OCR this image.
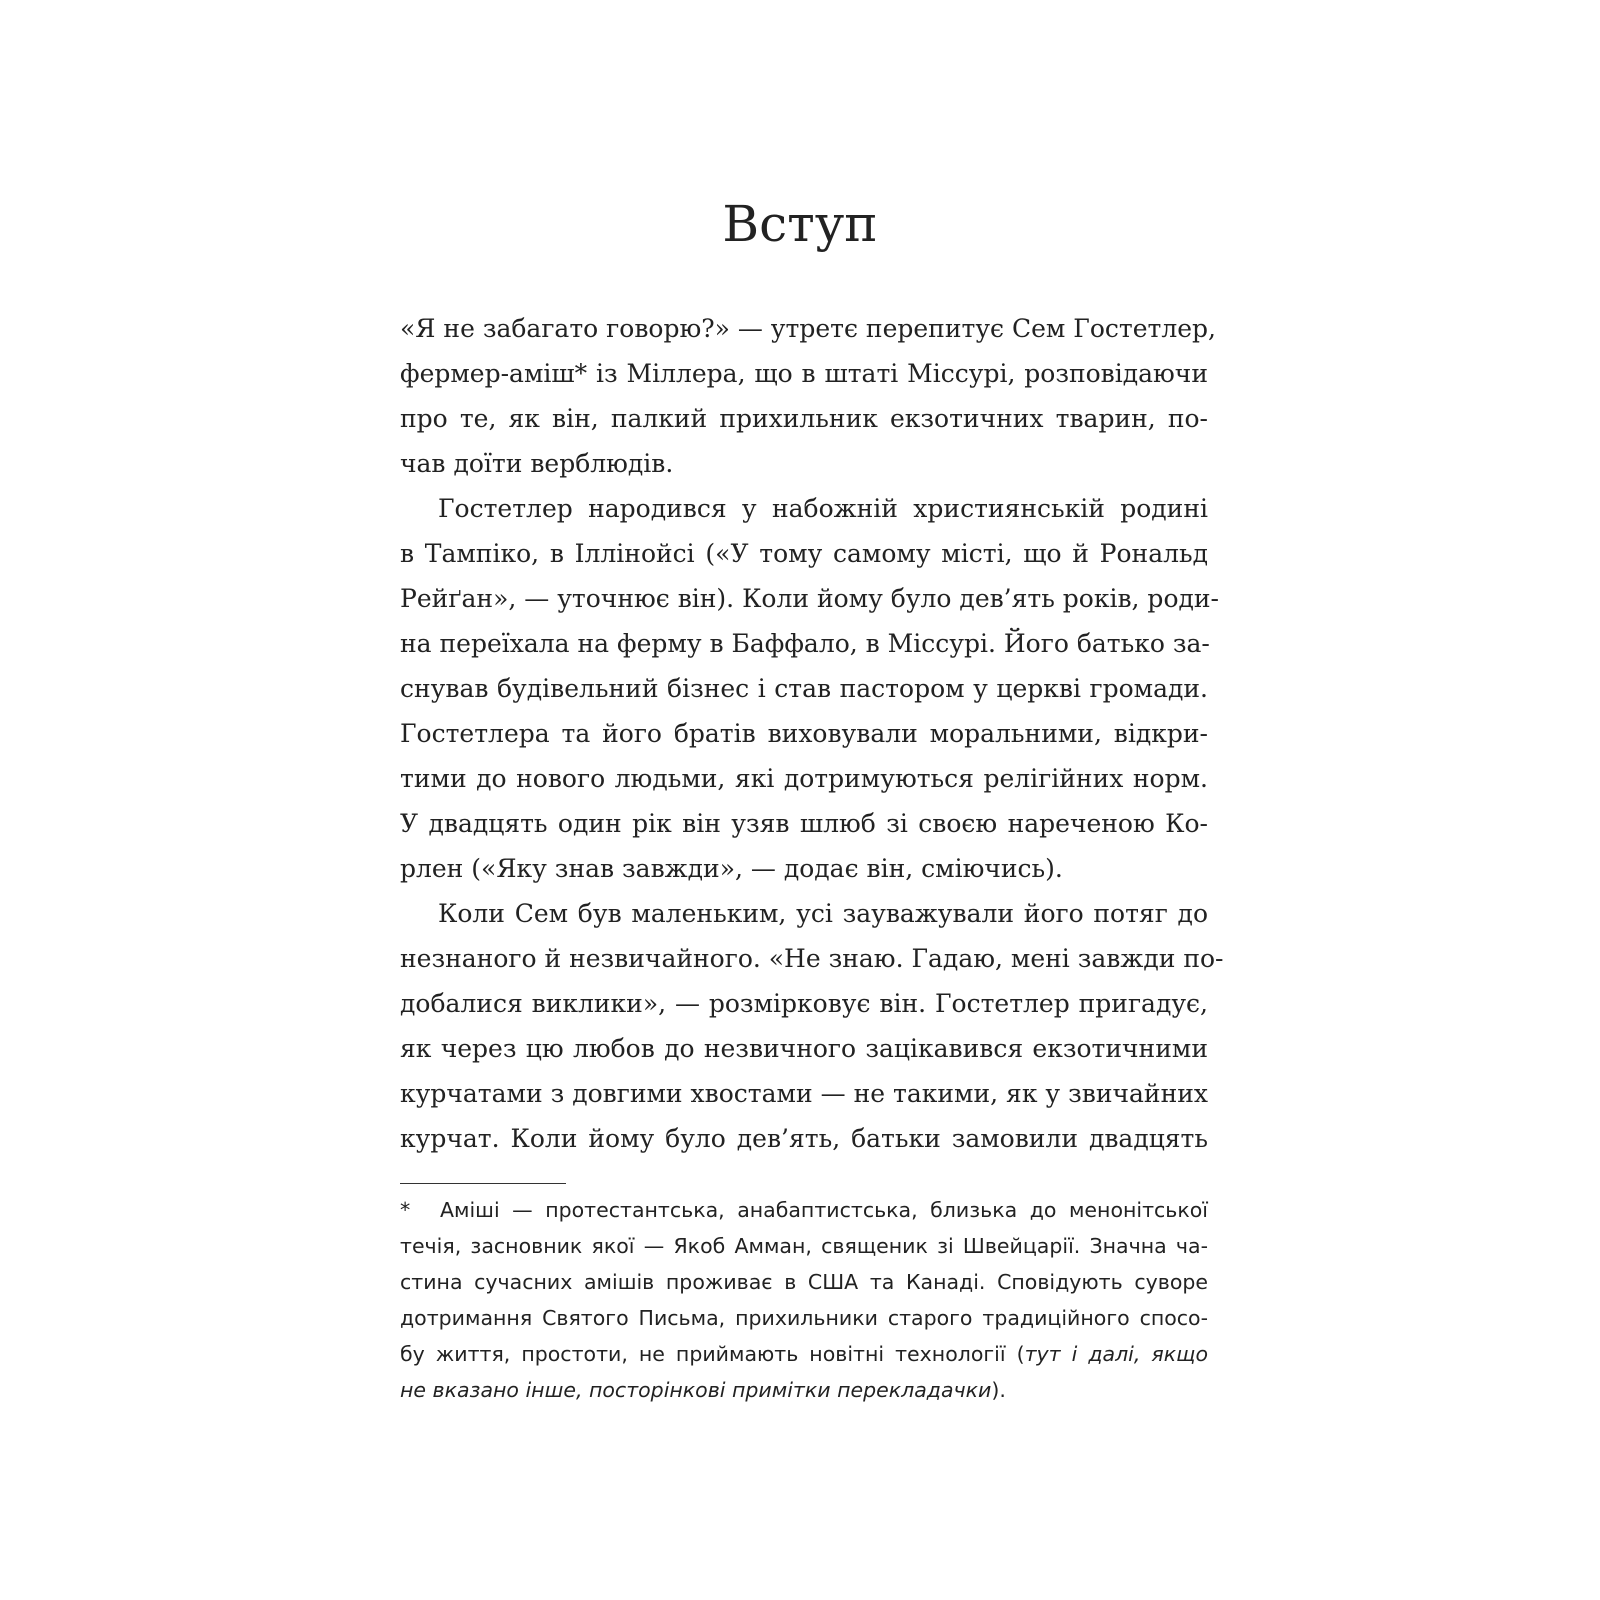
Вступ
«Я не забагато говорю?» — утретє перепитує Сем Гостетлер,
фермер-аміш* із Міллера, що в штаті Міссурі, розповідаючи
про те, як він, палкий прихильник екзотичних тварин, по-
чав доїти верблюдів.
Гостетлер народився у набожній християнській родині
в Тампіко, в Іллінойсі («У тому самому місті, що й Рональд
Рейґан», — уточнює він). Коли йому було дев’ять років, роди-
на переїхала на ферму в Баффало, в Міссурі. Його батько за-
снував будівельний бізнес і став пастором у церкві громади.
Гостетлера та його братів виховували моральними, відкри-
тими до нового людьми, які дотримуються релігійних норм.
У двадцять один рік він узяв шлюб зі своєю нареченою Ко-
рлен («Яку знав завжди», — додає він, сміючись).
Коли Сем був маленьким, усі зауважували його потяг до
незнаного й незвичайного. «Не знаю. Гадаю, мені завжди по-
добалися виклики», — розмірковує він. Гостетлер пригадує,
як через цю любов до незвичного зацікавився екзотичними
курчатами з довгими хвостами — не такими, як у звичайних
курчат. Коли йому було дев’ять, батьки замовили двадцять
* Аміші — протестантська, анабаптистська, близька до менонітської
течія, засновник якої — Якоб Амман, священик зі Швейцарії. Значна ча-
стина сучасних амішів проживає в США та Канаді. Сповідують суворе
дотримання Святого Письма, прихильники старого традиційного спосо-
бу життя, простоти, не приймають новітні технології (тут і далі, якщо
не вказано інше, посторінкові примітки перекладачки).
